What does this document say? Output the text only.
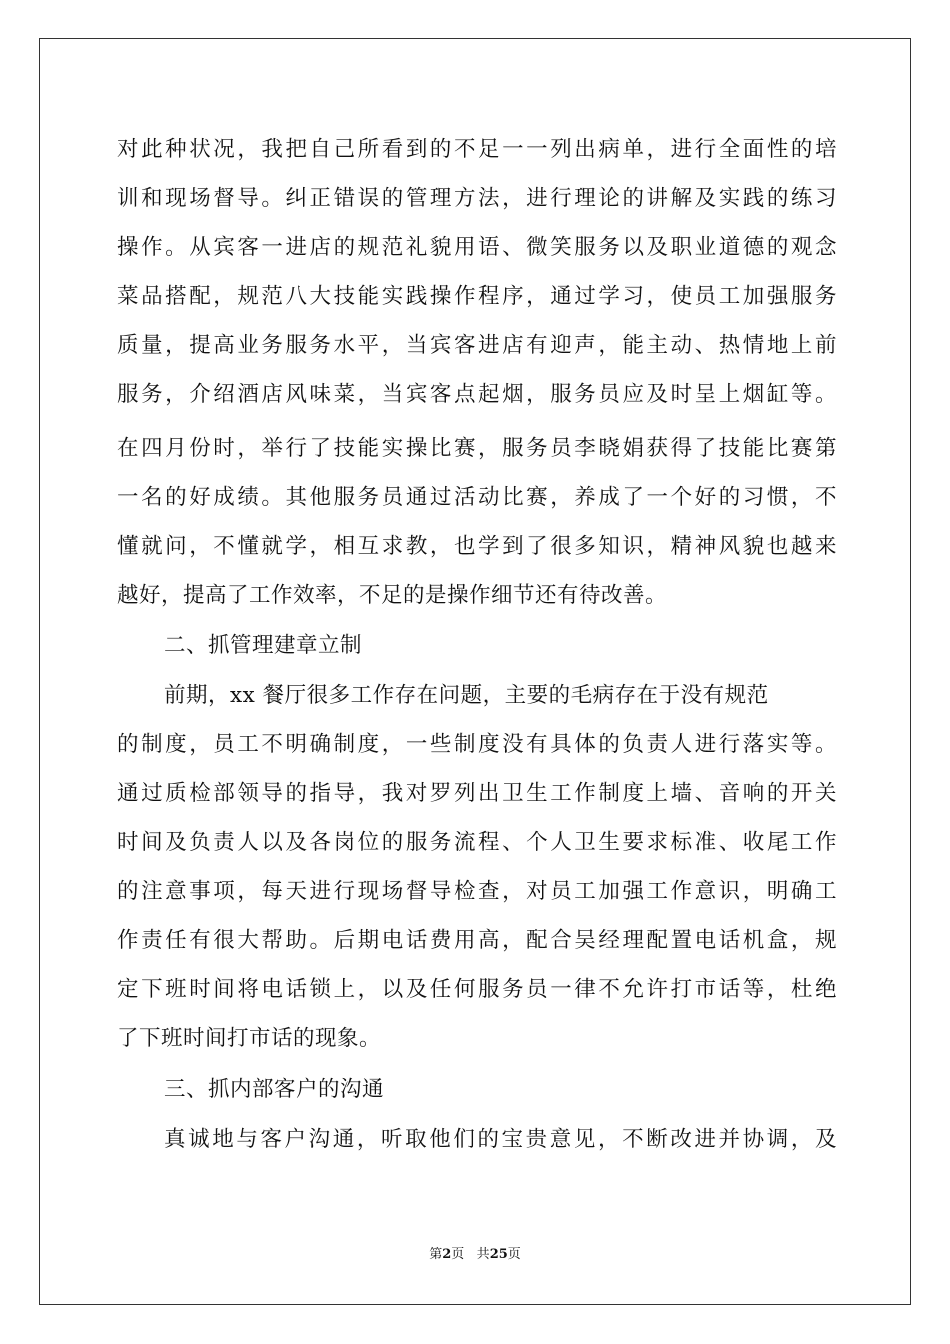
对此种状况，我把自己所看到的不足一一列出病单，进行全面性的培
训和现场督导。纠正错误的管理方法，进行理论的讲解及实践的练习
操作。从宾客一进店的规范礼貌用语、微笑服务以及职业道德的观念
菜品搭配，规范八大技能实践操作程序，通过学习，使员工加强服务
质量，提高业务服务水平，当宾客进店有迎声，能主动、热情地上前
服务，介绍酒店风味菜，当宾客点起烟，服务员应及时呈上烟缸等。
在四月份时，举行了技能实操比赛，服务员李晓娟获得了技能比赛第
一名的好成绩。其他服务员通过活动比赛，养成了一个好的习惯，不
懂就问，不懂就学，相互求教，也学到了很多知识，精神风貌也越来
越好，提高了工作效率，不足的是操作细节还有待改善。
二、抓管理建章立制
前期，xx 餐厅很多工作存在问题，主要的毛病存在于没有规范
的制度，员工不明确制度，一些制度没有具体的负责人进行落实等。
通过质检部领导的指导，我对罗列出卫生工作制度上墙、音响的开关
时间及负责人以及各岗位的服务流程、个人卫生要求标准、收尾工作
的注意事项，每天进行现场督导检查，对员工加强工作意识，明确工
作责任有很大帮助。后期电话费用高，配合吴经理配置电话机盒，规
定下班时间将电话锁上，以及任何服务员一律不允许打市话等，杜绝
了下班时间打市话的现象。
三、抓内部客户的沟通
真诚地与客户沟通，听取他们的宝贵意见，不断改进并协调，及
第2页 共25页
